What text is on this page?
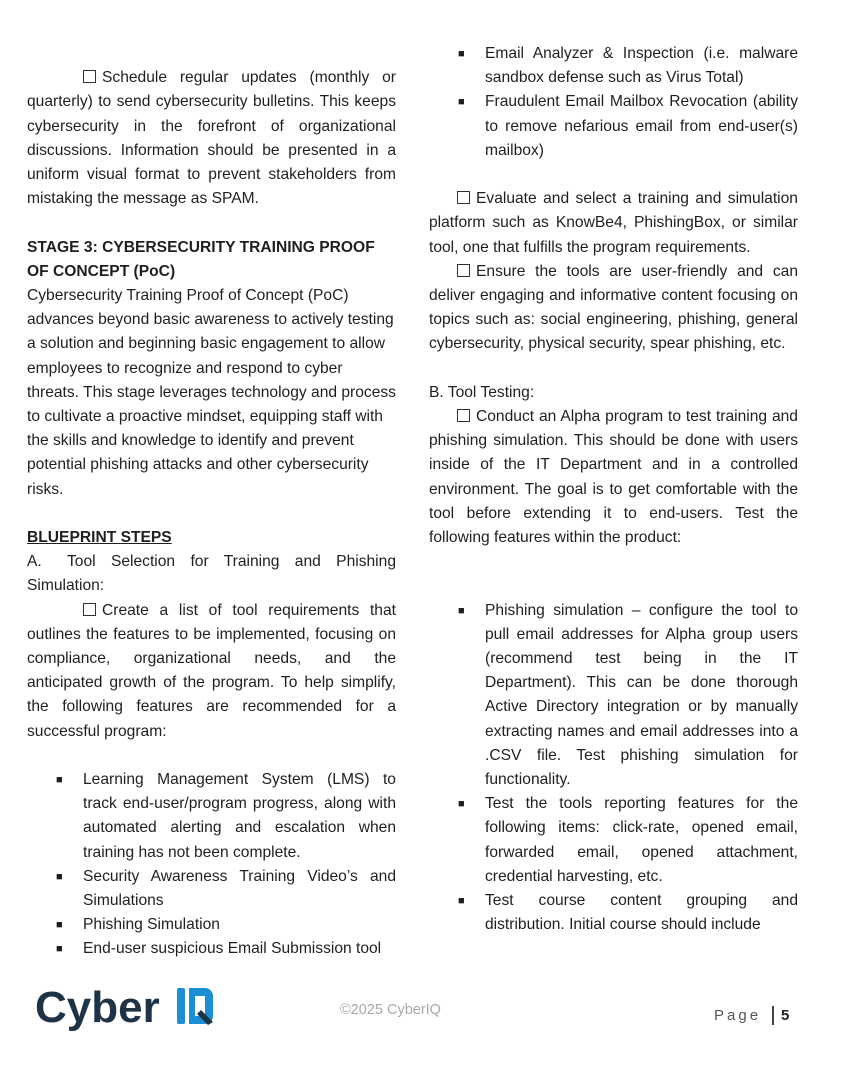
Schedule regular updates (monthly or quarterly) to send cybersecurity bulletins. This keeps cybersecurity in the forefront of organizational discussions. Information should be presented in a uniform visual format to prevent stakeholders from mistaking the message as SPAM.

STAGE 3: CYBERSECURITY TRAINING PROOF OF CONCEPT (PoC)

Cybersecurity Training Proof of Concept (PoC) advances beyond basic awareness to actively testing a solution and beginning basic engagement to allow employees to recognize and respond to cyber threats. This stage leverages technology and process to cultivate a proactive mindset, equipping staff with the skills and knowledge to identify and prevent potential phishing attacks and other cybersecurity risks.

BLUEPRINT STEPS

A. Tool Selection for Training and Phishing Simulation:

Create a list of tool requirements that outlines the features to be implemented, focusing on compliance, organizational needs, and the anticipated growth of the program. To help simplify, the following features are recommended for a successful program:

■ Learning Management System (LMS) to track end-user/program progress, along with automated alerting and escalation when training has not been complete.
■ Security Awareness Training Video’s and Simulations
■ Phishing Simulation
■ End-user suspicious Email Submission tool
■ Email Analyzer & Inspection (i.e. malware sandbox defense such as Virus Total)
■ Fraudulent Email Mailbox Revocation (ability to remove nefarious email from end-user(s) mailbox)

Evaluate and select a training and simulation platform such as KnowBe4, PhishingBox, or similar tool, one that fulfills the program requirements.

Ensure the tools are user-friendly and can deliver engaging and informative content focusing on topics such as: social engineering, phishing, general cybersecurity, physical security, spear phishing, etc.

B. Tool Testing:

Conduct an Alpha program to test training and phishing simulation. This should be done with users inside of the IT Department and in a controlled environment. The goal is to get comfortable with the tool before extending it to end-users. Test the following features within the product:

■ Phishing simulation – configure the tool to pull email addresses for Alpha group users (recommend test being in the IT Department). This can be done thorough Active Directory integration or by manually extracting names and email addresses into a .CSV file. Test phishing simulation for functionality.
■ Test the tools reporting features for the following items: click-rate, opened email, forwarded email, opened attachment, credential harvesting, etc.
■ Test course content grouping and distribution. Initial course should include
Cyber
IQ
©2025 CyberIQ	Page 5
